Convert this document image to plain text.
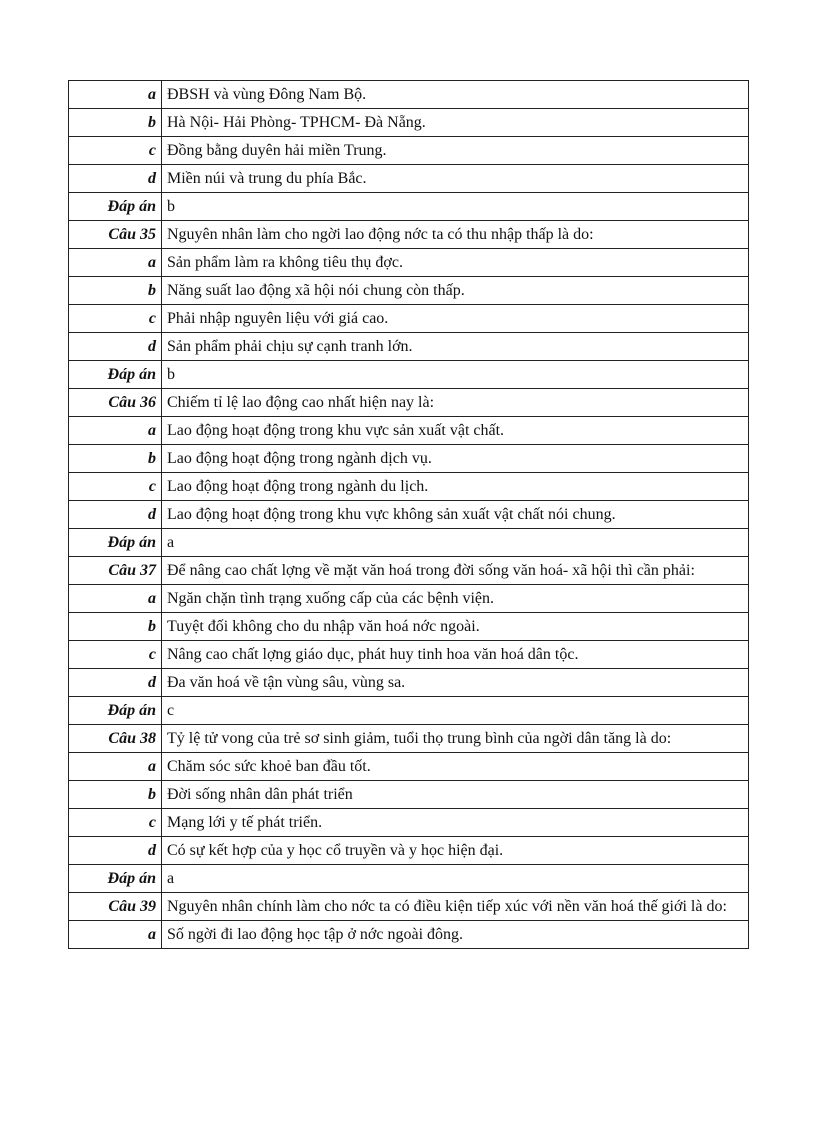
a	ĐBSH và vùng Đông Nam Bộ.
b	Hà Nội- Hải Phòng- TPHCM- Đà Nẵng.
c	Đồng bằng duyên hải miền Trung.
d	Miền núi và trung du phía Bắc.
Đáp án	b
Câu 35	Nguyên nhân làm cho ngời lao động nớc ta có thu nhập thấp là do:
a	Sản phẩm làm ra không tiêu thụ đợc.
b	Năng suất lao động xã hội nói chung còn thấp.
c	Phải nhập nguyên liệu với giá cao.
d	Sản phẩm phải chịu sự cạnh tranh lớn.
Đáp án	b
Câu 36	Chiếm tỉ lệ lao động cao nhất hiện nay là:
a	Lao động hoạt động trong khu vực sản xuất vật chất.
b	Lao động hoạt động trong ngành dịch vụ.
c	Lao động hoạt động trong ngành du lịch.
d	Lao động hoạt động trong khu vực không sản xuất vật chất nói chung.
Đáp án	a
Câu 37	Để nâng cao chất lợng về mặt văn hoá trong đời sống văn hoá- xã hội thì cần phải:
a	Ngăn chặn tình trạng xuống cấp của các bệnh viện.
b	Tuyệt đối không cho du nhập văn hoá nớc ngoài.
c	Nâng cao chất lợng giáo dục, phát huy tinh hoa văn hoá dân tộc.
d	Đa văn hoá về tận vùng sâu, vùng sa.
Đáp án	c
Câu 38	Tỷ lệ tử vong của trẻ sơ sinh giảm, tuổi thọ trung bình của ngời dân tăng là do:
a	Chăm sóc sức khoẻ ban đầu tốt.
b	Đời sống nhân dân phát triển
c	Mạng lới y tế phát triển.
d	Có sự kết hợp của y học cổ truyền và y học hiện đại.
Đáp án	a
Câu 39	Nguyên nhân chính làm cho nớc ta có điều kiện tiếp xúc với nền văn hoá thế giới là do:
a	Số ngời đi lao động học tập ở nớc ngoài đông.
